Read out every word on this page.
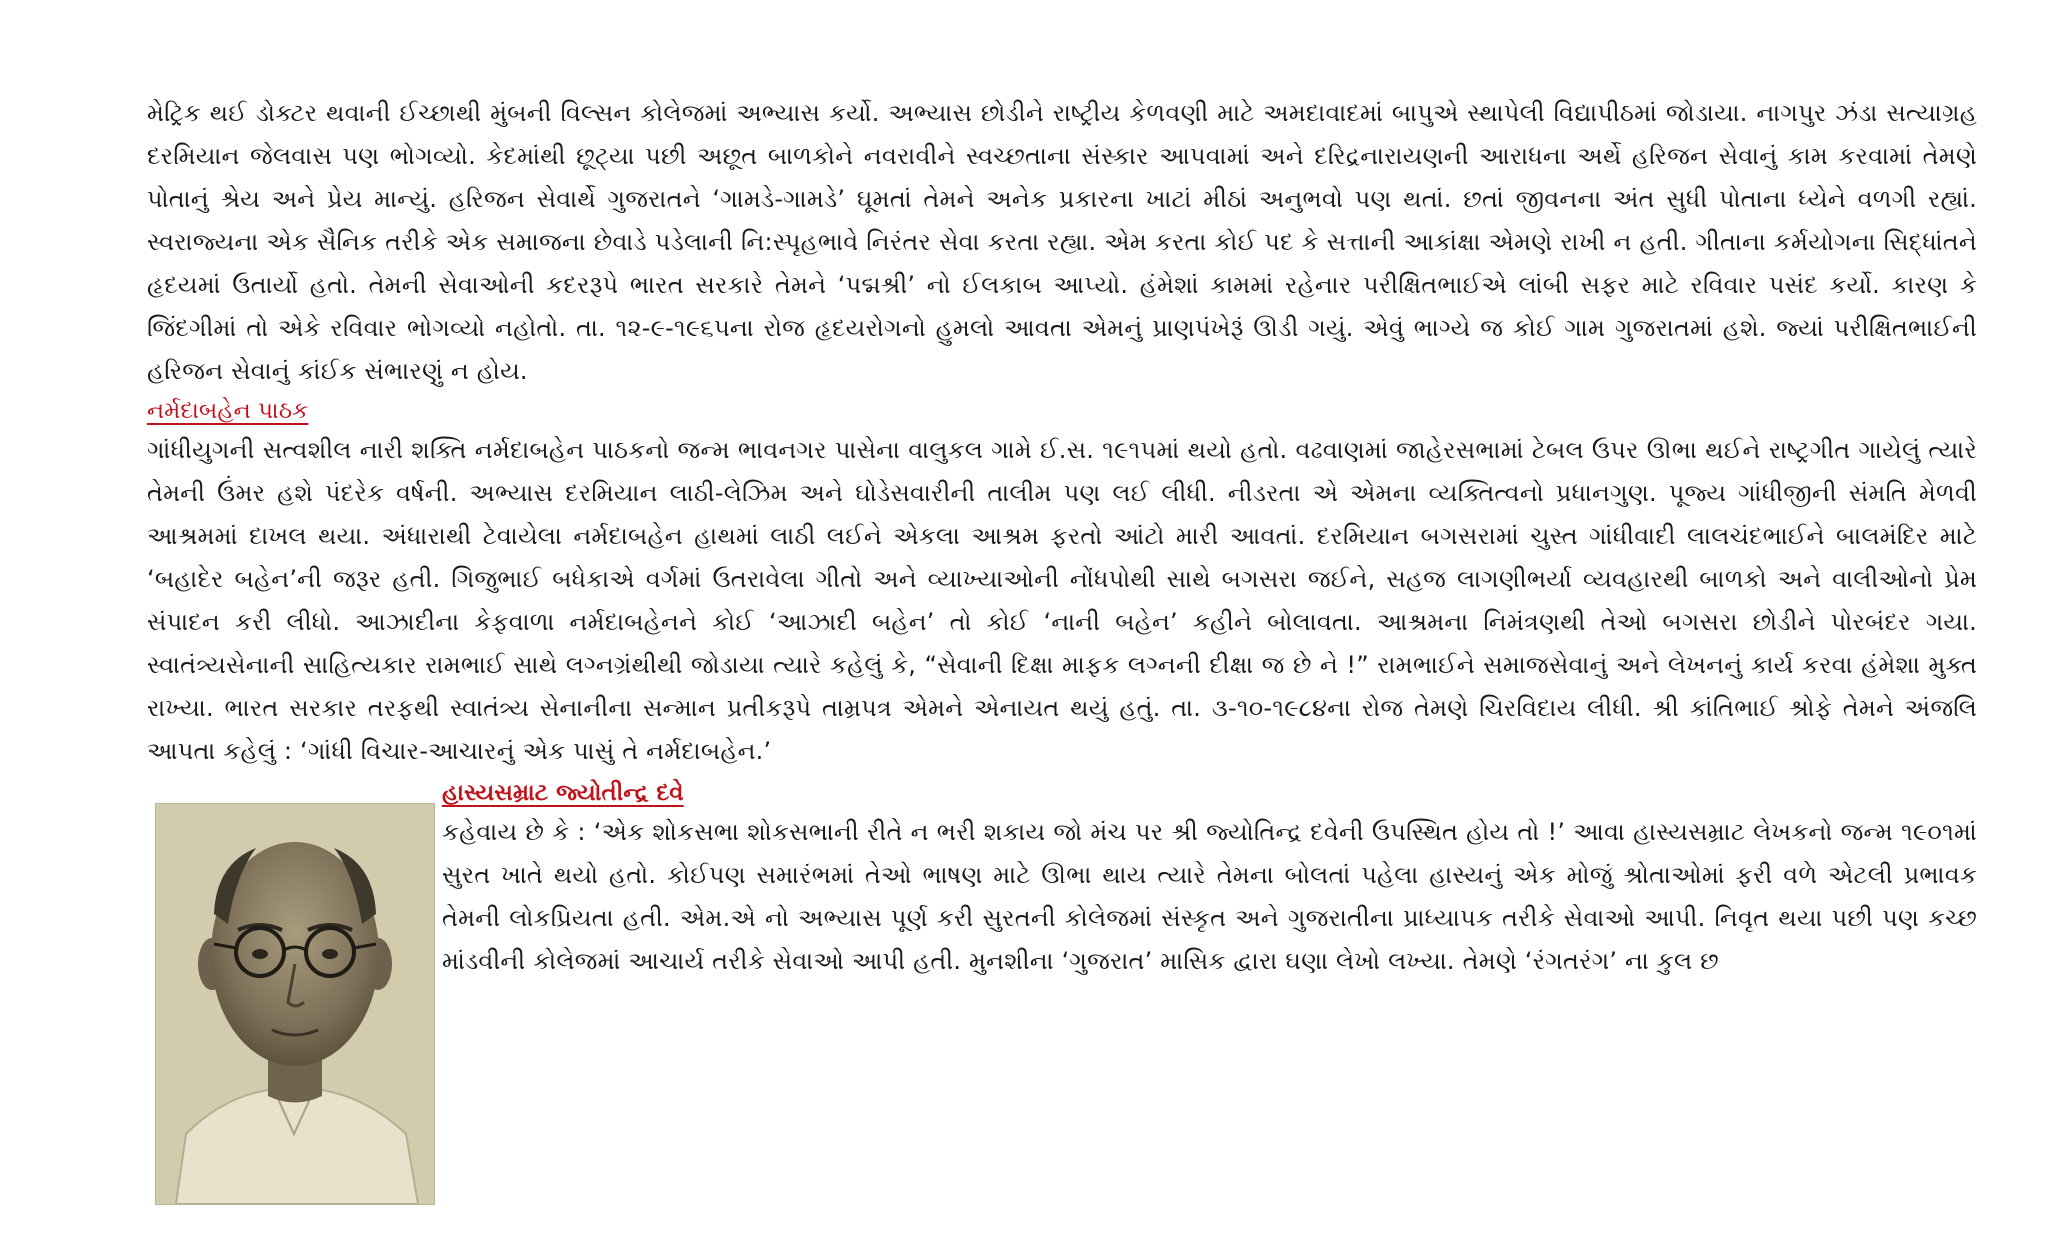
મેટ્રિક થઈ ડોક્ટર થવાની ઈચ્છાથી મુંબની વિલ્સન કોલેજમાં અભ્યાસ કર્યો. અભ્યાસ છોડીને રાષ્ટ્રીય કેળવણી માટે અમદાવાદમાં બાપુએ સ્થાપેલી વિદ્યાપીઠમાં જોડાયા. નાગપુર ઝંડા સત્યાગ્રહ દરમિયાન જેલવાસ પણ ભોગવ્યો. કેદમાંથી છૂટ્યા પછી અછૂત બાળકોને નવરાવીને સ્વચ્છતાના સંસ્કાર આપવામાં અને દરિદ્રનારાયણની આરાધના અર્થે હરિજન સેવાનું કામ કરવામાં તેમણે પોતાનું શ્રેય અને પ્રેય માન્યું. હરિજન સેવાર્થે ગુજરાતને ‘ગામડે-ગામડે’ ઘૂમતાં તેમને અનેક પ્રકારના ખાટાં મીઠાં અનુભવો પણ થતાં. છતાં જીવનના અંત સુધી પોતાના ધ્યેને વળગી રહ્યાં. સ્વરાજ્યના એક સૈનિક તરીકે એક સમાજના છેવાડે પડેલાની નિ:સ્પૃહભાવે નિરંતર સેવા કરતા રહ્યા. એમ કરતા કોઈ પદ કે સત્તાની આકાંક્ષા એમણે રાખી ન હતી. ગીતાના કર્મયોગના સિદ્ધાંતને હૃદયમાં ઉતાર્યો હતો. તેમની સેવાઓની કદરરૂપે ભારત સરકારે તેમને ‘પદ્મશ્રી’ નો ઈલકાબ આપ્યો. હંમેશાં કામમાં રહેનાર પરીક્ષિતભાઈએ લાંબી સફર માટે રવિવાર પસંદ કર્યો. કારણ કે જિંદગીમાં તો એકે રવિવાર ભોગવ્યો નહોતો. તા. ૧૨-૯-૧૯૬૫ના રોજ હૃદયરોગનો હુમલો આવતા એમનું પ્રાણપંખેરૂં ઊડી ગયું. એવું ભાગ્યે જ કોઈ ગામ ગુજરાતમાં હશે. જ્યાં પરીક્ષિતભાઈની હરિજન સેવાનું કાંઈક સંભારણું ન હોય.

નર્મદાબહેન પાઠક

ગાંધીયુગની સત્વશીલ નારી શક્તિ નર્મદાબહેન પાઠકનો જન્મ ભાવનગર પાસેના વાલુકલ ગામે ઈ.સ. ૧૯૧૫માં થયો હતો. વઢવાણમાં જાહેરસભામાં ટેબલ ઉપર ઊભા થઈને રાષ્ટ્રગીત ગાયેલું ત્યારે તેમની ઉંમર હશે પંદરેક વર્ષની. અભ્યાસ દરમિયાન લાઠી-લેઝિમ અને ઘોડેસવારીની તાલીમ પણ લઈ લીધી. નીડરતા એ એમના વ્યક્તિત્વનો પ્રધાનગુણ. પૂજ્ય ગાંધીજીની સંમતિ મેળવી આશ્રમમાં દાખલ થયા. અંધારાથી ટેવાયેલા નર્મદાબહેન હાથમાં લાઠી લઈને એકલા આશ્રમ ફરતો આંટો મારી આવતાં. દરમિયાન બગસરામાં ચુસ્ત ગાંધીવાદી લાલચંદભાઈને બાલમંદિર માટે ‘બહાદેર બહેન’ની જરૂર હતી. ગિજુભાઈ બધેકાએ વર્ગમાં ઉતરાવેલા ગીતો અને વ્યાખ્યાઓની નોંધપોથી સાથે બગસરા જઈને, સહજ લાગણીભર્યા વ્યવહારથી બાળકો અને વાલીઓનો પ્રેમ સંપાદન કરી લીધો. આઝાદીના કેફવાળા નર્મદાબહેનને કોઈ ‘આઝાદી બહેન’ તો કોઈ ‘નાની બહેન’ કહીને બોલાવતા. આશ્રમના નિમંત્રણથી તેઓ બગસરા છોડીને પોરબંદર ગયા. સ્વાતંત્ર્યસેનાની સાહિત્યકાર રામભાઈ સાથે લગ્નગ્રંથીથી જોડાયા ત્યારે કહેલું કે, “સેવાની દિક્ષા માફક લગ્નની દીક્ષા જ છે ને !” રામભાઈને સમાજસેવાનું અને લેખનનું કાર્ય કરવા હંમેશા મુક્ત રાખ્યા. ભારત સરકાર તરફથી સ્વાતંત્ર્ય સેનાનીના સન્માન પ્રતીકરૂપે તામ્રપત્ર એમને એનાયત થયું હતું. તા. ૩-૧૦-૧૯૮૪ના રોજ તેમણે ચિરવિદાય લીધી. શ્રી કાંતિભાઈ શ્રોફે તેમને અંજલિ આપતા કહેલું : ‘ગાંધી વિચાર-આચારનું એક પાસું તે નર્મદાબહેન.’

હાસ્યસમ્રાટ જ્યોતીન્દ્ર દવે

કહેવાય છે કે : ‘એક શોકસભા શોકસભાની રીતે ન ભરી શકાય જો મંચ પર શ્રી જ્યોતિન્દ્ર દવેની ઉપસ્થિત હોય તો !’ આવા હાસ્યસમ્રાટ લેખકનો જન્મ ૧૯૦૧માં સુરત ખાતે થયો હતો. કોઈપણ સમારંભમાં તેઓ ભાષણ માટે ઊભા થાય ત્યારે તેમના બોલતાં પહેલા હાસ્યનું એક મોજું શ્રોતાઓમાં ફરી વળે એટલી પ્રભાવક તેમની લોકપ્રિયતા હતી. એમ.એ નો અભ્યાસ પૂર્ણ કરી સુરતની કોલેજમાં સંસ્કૃત અને ગુજરાતીના પ્રાધ્યાપક તરીકે સેવાઓ આપી. નિવૃત થયા પછી પણ કચ્છ માંડવીની કોલેજમાં આચાર્ય તરીકે સેવાઓ આપી હતી. મુનશીના ‘ગુજરાત’ માસિક દ્વારા ઘણા લેખો લખ્યા. તેમણે ‘રંગતરંગ’ ના કુલ છ
